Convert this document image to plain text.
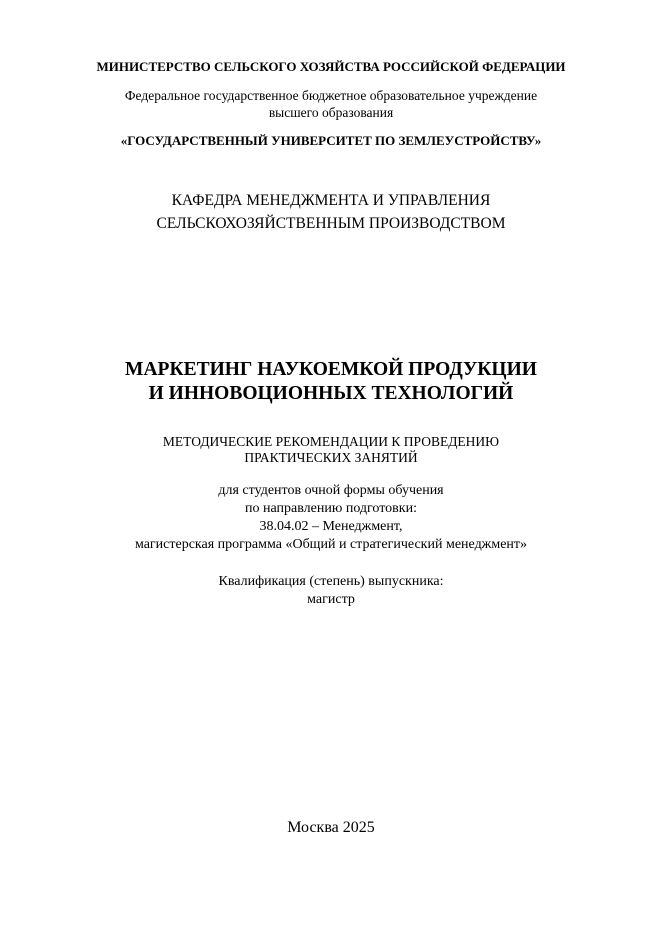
МИНИСТЕРСТВО СЕЛЬСКОГО ХОЗЯЙСТВА РОССИЙСКОЙ ФЕДЕРАЦИИ

Федеральное государственное бюджетное образовательное учреждение

высшего образования

«ГОСУДАРСТВЕННЫЙ УНИВЕРСИТЕТ ПО ЗЕМЛЕУСТРОЙСТВУ»

КАФЕДРА МЕНЕДЖМЕНТА И УПРАВЛЕНИЯ

СЕЛЬСКОХОЗЯЙСТВЕННЫМ ПРОИЗВОДСТВОМ

МАРКЕТИНГ НАУКОЕМКОЙ ПРОДУКЦИИ

И ИННОВОЦИОННЫХ ТЕХНОЛОГИЙ

МЕТОДИЧЕСКИЕ РЕКОМЕНДАЦИИ К ПРОВЕДЕНИЮ

ПРАКТИЧЕСКИХ ЗАНЯТИЙ

для студентов очной формы обучения

по направлению подготовки:

38.04.02 – Менеджмент,

магистерская программа «Общий и стратегический менеджмент»

Квалификация (степень) выпускника:

магистр

Москва 2025
